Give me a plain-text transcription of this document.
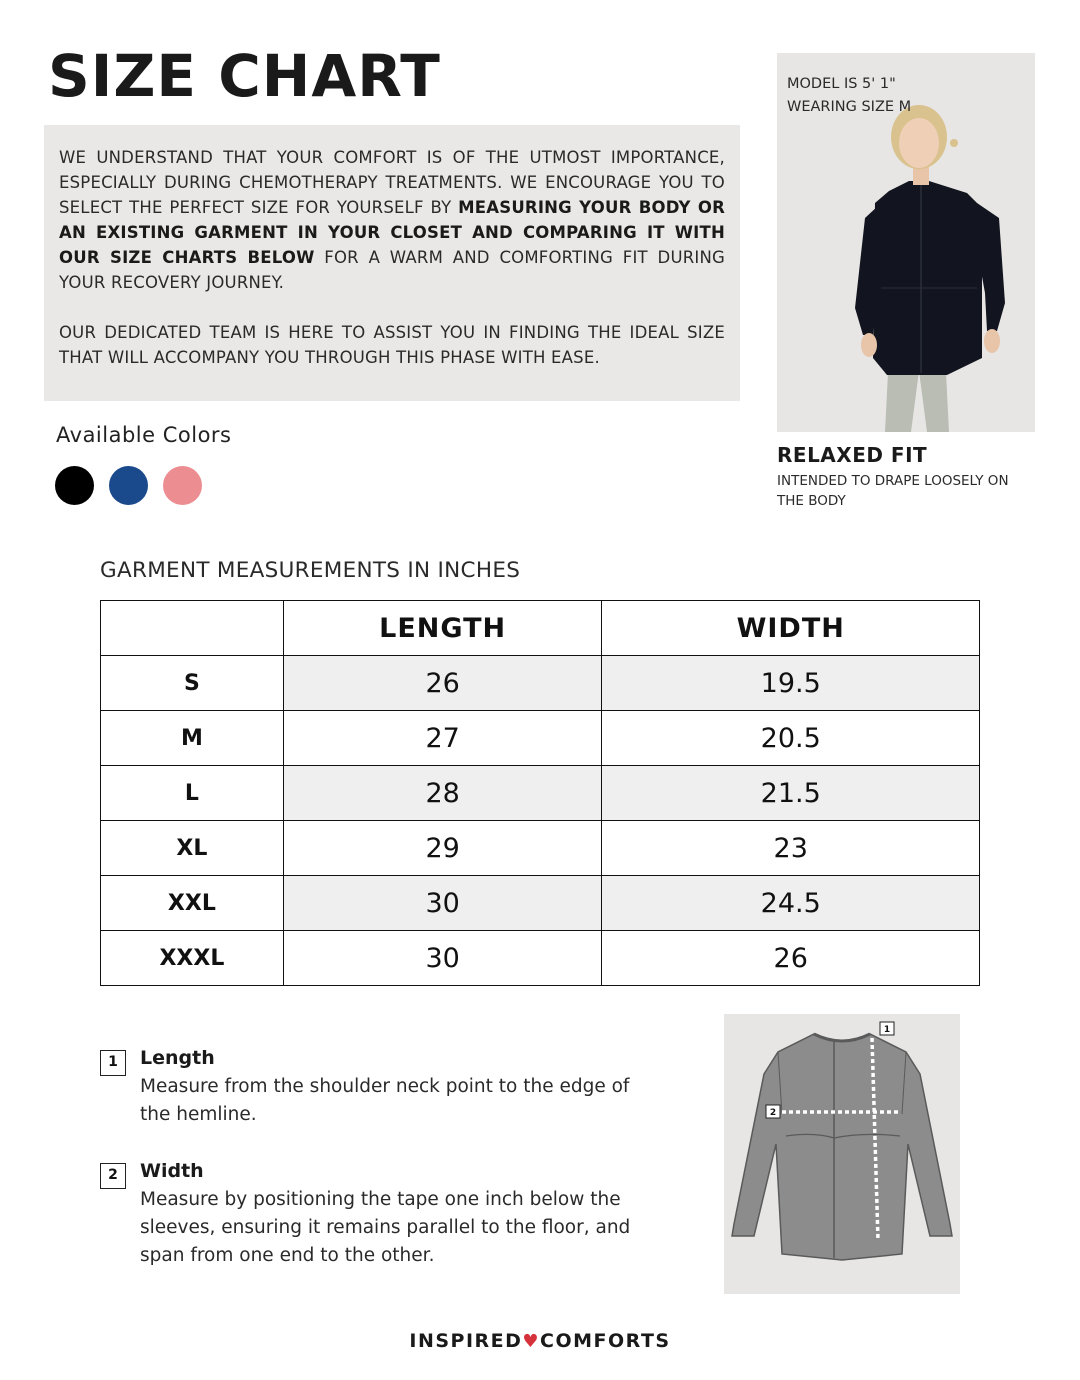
SIZE CHART

WE UNDERSTAND THAT YOUR COMFORT IS OF THE UTMOST IMPORTANCE, ESPECIALLY DURING CHEMOTHERAPY TREATMENTS. WE ENCOURAGE YOU TO SELECT THE PERFECT SIZE FOR YOURSELF BY MEASURING YOUR BODY OR AN EXISTING GARMENT IN YOUR CLOSET AND COMPARING IT WITH OUR SIZE CHARTS BELOW FOR A WARM AND COMFORTING FIT DURING YOUR RECOVERY JOURNEY.

OUR DEDICATED TEAM IS HERE TO ASSIST YOU IN FINDING THE IDEAL SIZE THAT WILL ACCOMPANY YOU THROUGH THIS PHASE WITH EASE.

Available Colors
MODEL IS 5' 1"
WEARING SIZE M
RELAXED FIT
INTENDED TO DRAPE LOOSELY ON THE BODY
GARMENT MEASUREMENTS IN INCHES
	LENGTH	WIDTH
S	26	19.5
M	27	20.5
L	28	21.5
XL	29	23
XXL	30	24.5
XXXL	30	26
1	Length
Measure from the shoulder neck point to the edge of the hemline.
2	Width
Measure by positioning the tape one inch below the sleeves, ensuring it remains parallel to the floor, and span from one end to the other.
1
2
INSPIRED♥COMFORTS
